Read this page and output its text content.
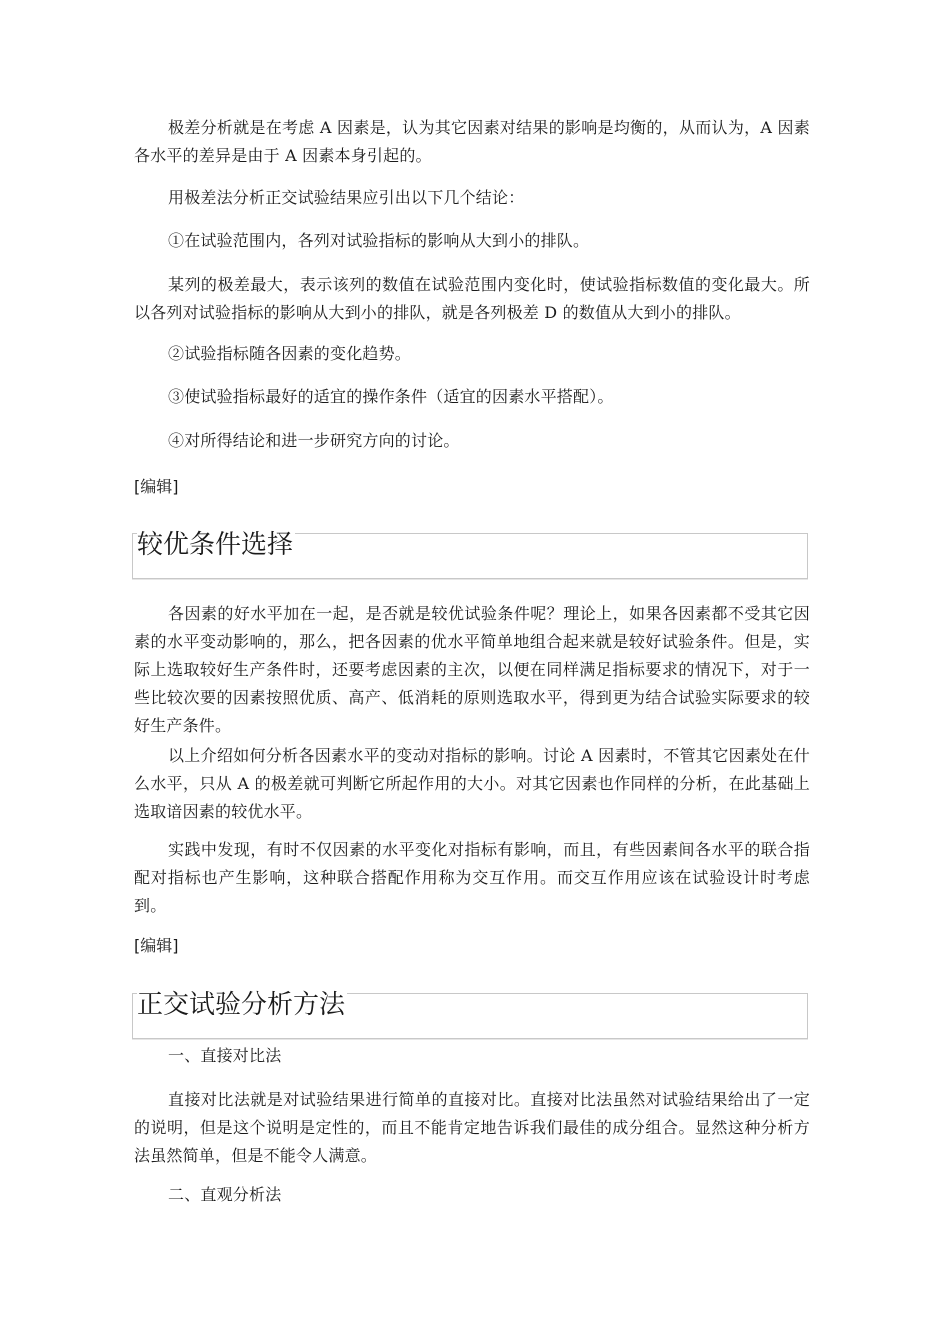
极差分析就是在考虑 A 因素是，认为其它因素对结果的影响是均衡的，从而认为，A 因素各水平的差异是由于 A 因素本身引起的。

用极差法分析正交试验结果应引出以下几个结论：

①在试验范围内，各列对试验指标的影响从大到小的排队。

某列的极差最大，表示该列的数值在试验范围内变化时，使试验指标数值的变化最大。所以各列对试验指标的影响从大到小的排队，就是各列极差 D 的数值从大到小的排队。

②试验指标随各因素的变化趋势。

③使试验指标最好的适宜的操作条件（适宜的因素水平搭配）。

④对所得结论和进一步研究方向的讨论。

[编辑]
较优条件选择

各因素的好水平加在一起，是否就是较优试验条件呢？理论上，如果各因素都不受其它因素的水平变动影响的，那么，把各因素的优水平简单地组合起来就是较好试验条件。但是，实际上选取较好生产条件时，还要考虑因素的主次，以便在同样满足指标要求的情况下，对于一些比较次要的因素按照优质、高产、低消耗的原则选取水平，得到更为结合试验实际要求的较好生产条件。

以上介绍如何分析各因素水平的变动对指标的影响。讨论 A 因素时，不管其它因素处在什么水平，只从 A 的极差就可判断它所起作用的大小。对其它因素也作同样的分析，在此基础上选取谙因素的较优水平。

实践中发现，有时不仅因素的水平变化对指标有影响，而且，有些因素间各水平的联合指配对指标也产生影响，这种联合搭配作用称为交互作用。而交互作用应该在试验设计时考虑到。

[编辑]
正交试验分析方法

一、直接对比法

直接对比法就是对试验结果进行简单的直接对比。直接对比法虽然对试验结果给出了一定的说明，但是这个说明是定性的，而且不能肯定地告诉我们最佳的成分组合。显然这种分析方法虽然简单，但是不能令人满意。

二、直观分析法
